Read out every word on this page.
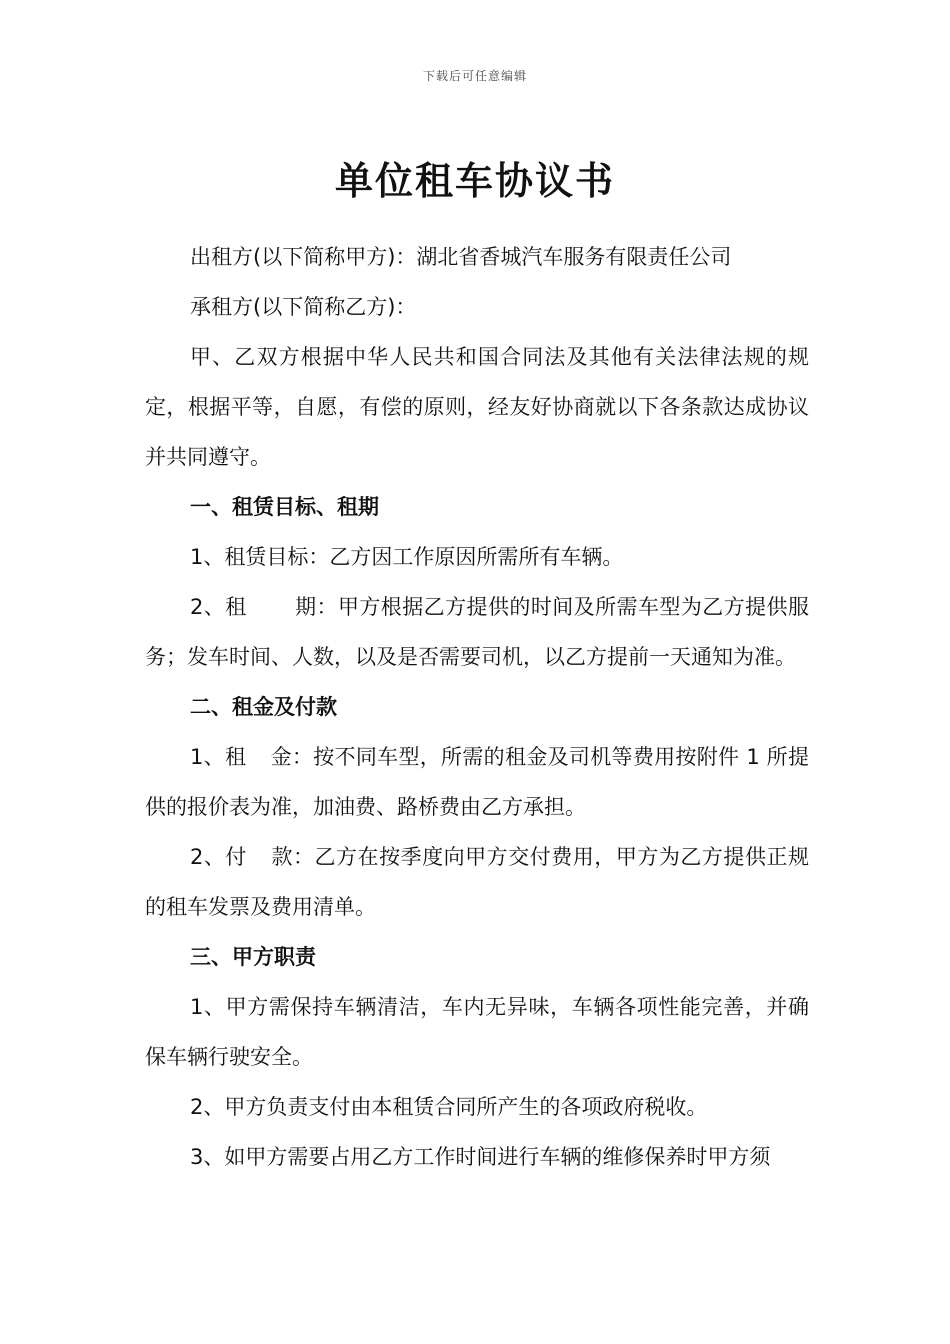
下载后可任意编辑
单位租车协议书

出租方(以下简称甲方)：湖北省香城汽车服务有限责任公司

承租方(以下简称乙方)：

甲、乙双方根据中华人民共和国合同法及其他有关法律法规的规定，根据平等，自愿，有偿的原则，经友好协商就以下各条款达成协议并共同遵守。

一、租赁目标、租期

1、租赁目标：乙方因工作原因所需所有车辆。

2、租 期：甲方根据乙方提供的时间及所需车型为乙方提供服务；发车时间、人数，以及是否需要司机，以乙方提前一天通知为准。

二、租金及付款

1、租 金：按不同车型，所需的租金及司机等费用按附件 1 所提供的报价表为准，加油费、路桥费由乙方承担。

2、付 款：乙方在按季度向甲方交付费用，甲方为乙方提供正规的租车发票及费用清单。

三、甲方职责

1、甲方需保持车辆清洁，车内无异味，车辆各项性能完善，并确保车辆行驶安全。

2、甲方负责支付由本租赁合同所产生的各项政府税收。

3、如甲方需要占用乙方工作时间进行车辆的维修保养时甲方须
